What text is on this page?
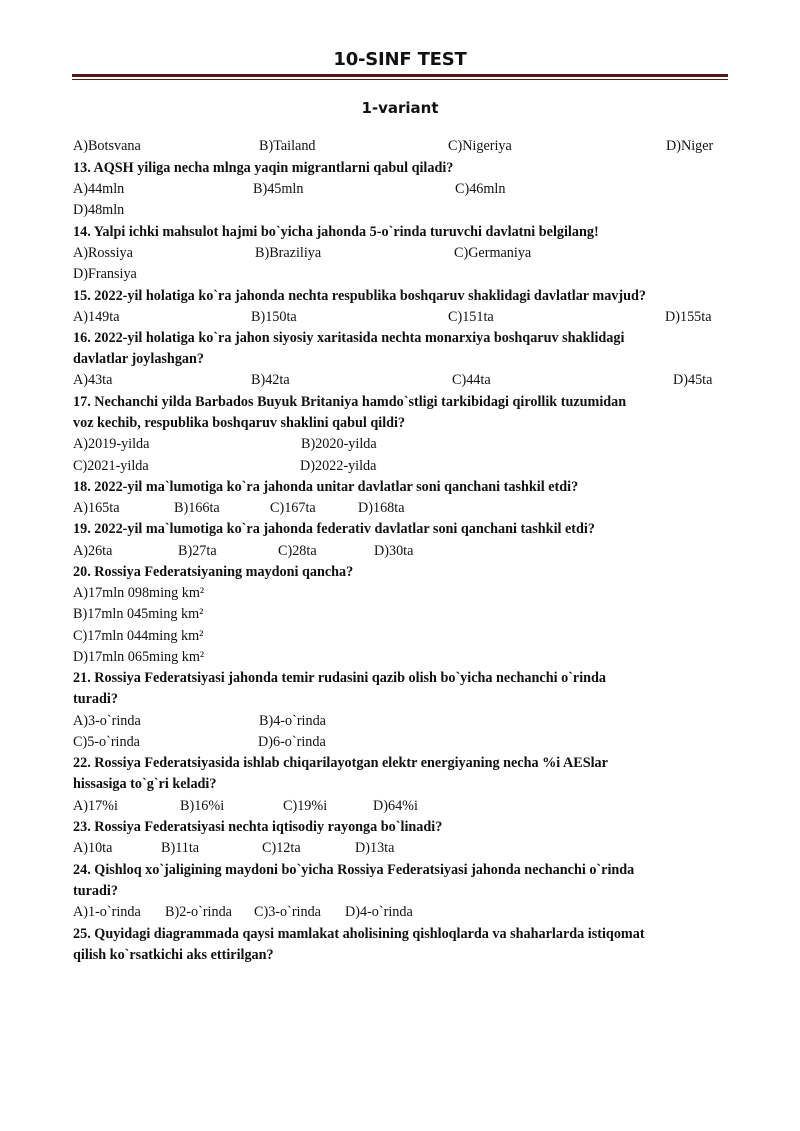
10-SINF TEST
1-variant
A)Botsvana	B)Tailand	C)Nigeriya	D)Niger
13. AQSH yiliga necha mlnga yaqin migrantlarni qabul qiladi?
A)44mln	B)45mln	C)46mln
D)48mln
14. Yalpi ichki mahsulot hajmi bo`yicha jahonda 5-o`rinda turuvchi davlatni belgilang!
A)Rossiya	B)Braziliya	C)Germaniya
D)Fransiya
15. 2022-yil holatiga ko`ra jahonda nechta respublika boshqaruv shaklidagi davlatlar mavjud?
A)149ta	B)150ta	C)151ta	D)155ta
16. 2022-yil holatiga ko`ra jahon siyosiy xaritasida nechta monarxiya boshqaruv shaklidagi
davlatlar joylashgan?
A)43ta	B)42ta	C)44ta	D)45ta
17. Nechanchi yilda Barbados Buyuk Britaniya hamdo`stligi tarkibidagi qirollik tuzumidan
voz kechib, respublika boshqaruv shaklini qabul qildi?
A)2019-yilda	B)2020-yilda
C)2021-yilda	D)2022-yilda
18. 2022-yil ma`lumotiga ko`ra jahonda unitar davlatlar soni qanchani tashkil etdi?
A)165ta	B)166ta	C)167ta	D)168ta
19. 2022-yil ma`lumotiga ko`ra jahonda federativ davlatlar soni qanchani tashkil etdi?
A)26ta	B)27ta	C)28ta	D)30ta
20. Rossiya Federatsiyaning maydoni qancha?
A)17mln 098ming km²
B)17mln 045ming km²
C)17mln 044ming km²
D)17mln 065ming km²
21. Rossiya Federatsiyasi jahonda temir rudasini qazib olish bo`yicha nechanchi o`rinda
turadi?
A)3-o`rinda	B)4-o`rinda
C)5-o`rinda	D)6-o`rinda
22. Rossiya Federatsiyasida ishlab chiqarilayotgan elektr energiyaning necha %i AESlar
hissasiga to`g`ri keladi?
A)17%i	B)16%i	C)19%i	D)64%i
23. Rossiya Federatsiyasi nechta iqtisodiy rayonga bo`linadi?
A)10ta	B)11ta	C)12ta	D)13ta
24. Qishloq xo`jaligining maydoni bo`yicha Rossiya Federatsiyasi jahonda nechanchi o`rinda
turadi?
A)1-o`rinda B)2-o`rinda C)3-o`rinda D)4-o`rinda
25. Quyidagi diagrammada qaysi mamlakat aholisining qishloqlarda va shaharlarda istiqomat
qilish ko`rsatkichi aks ettirilgan?
